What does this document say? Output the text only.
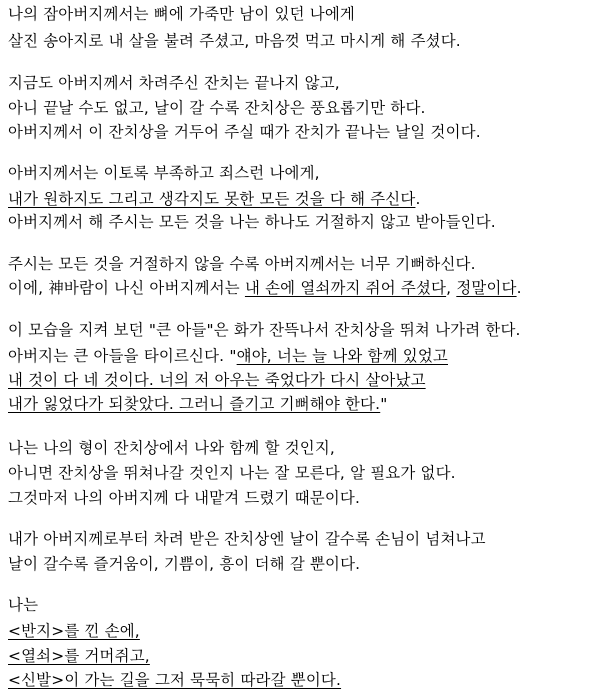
나의 잠아버지께서는 뼈에 가죽만 남이 있던 나에게
살진 송아지로 내 살을 불려 주셨고, 마음껏 먹고 마시게 해 주셨다.
지금도 아버지께서 차려주신 잔치는 끝나지 않고,
아니 끝날 수도 없고, 날이 갈 수록 잔치상은 풍요롭기만 하다.
아버지께서 이 잔치상을 거두어 주실 때가 잔치가 끝나는 날일 것이다.
아버지께서는 이토록 부족하고 죄스런 나에게,
내가 원하지도 그리고 생각지도 못한 모든 것을 다 해 주신다.
아버지께서 해 주시는 모든 것을 나는 하나도 거절하지 않고 받아들인다.
주시는 모든 것을 거절하지 않을 수록 아버지께서는 너무 기뻐하신다.
이에, 神바람이 나신 아버지께서는 내 손에 열쇠까지 쥐어 주셨다, 정말이다.
이 모습을 지켜 보던 "큰 아들"은 화가 잔뜩나서 잔치상을 뛰쳐 나가려 한다.
아버지는 큰 아들을 타이르신다. "얘야, 너는 늘 나와 함께 있었고
내 것이 다 네 것이다. 너의 저 아우는 죽었다가 다시 살아났고
내가 잃었다가 되찾았다. 그러니 즐기고 기뻐해야 한다."
나는 나의 형이 잔치상에서 나와 함께 할 것인지,
아니면 잔치상을 뛰쳐나갈 것인지 나는 잘 모른다, 알 필요가 없다.
그것마저 나의 아버지께 다 내맡겨 드렸기 때문이다.
내가 아버지께로부터 차려 받은 잔치상엔 날이 갈수록 손님이 넘쳐나고
날이 갈수록 즐거움이, 기쁨이, 흥이 더해 갈 뿐이다.
나는
<반지>를 낀 손에,
<열쇠>를 거머쥐고,
<신발>이 가는 길을 그저 묵묵히 따라갈 뿐이다.
